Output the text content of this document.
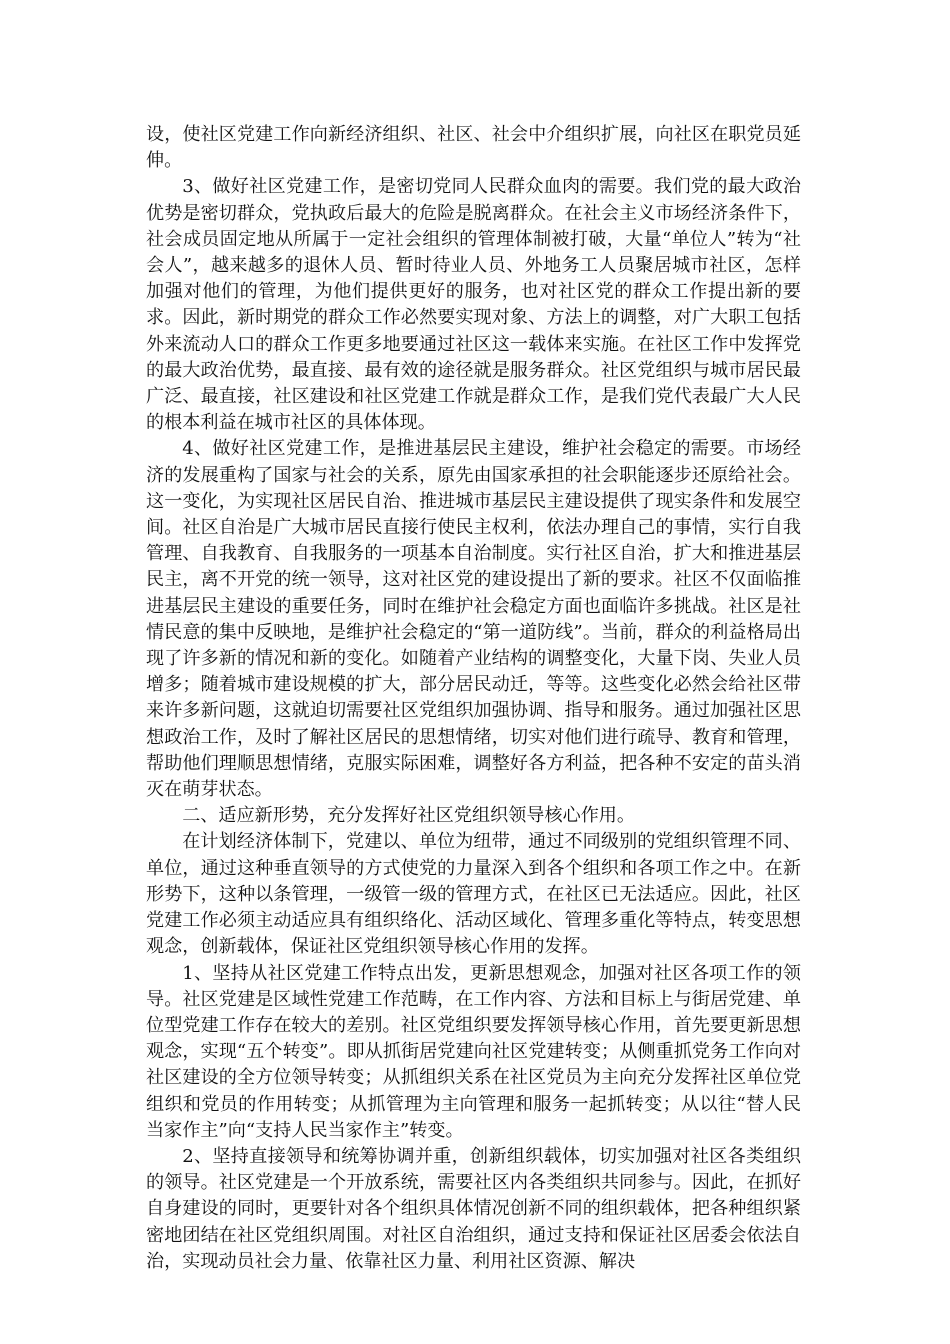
设，使社区党建工作向新经济组织、社区、社会中介组织扩展，向社区在职党员延伸。

3、做好社区党建工作，是密切党同人民群众血肉的需要。我们党的最大政治优势是密切群众，党执政后最大的危险是脱离群众。在社会主义市场经济条件下，社会成员固定地从所属于一定社会组织的管理体制被打破，大量“单位人”转为“社会人”，越来越多的退休人员、暂时待业人员、外地务工人员聚居城市社区，怎样加强对他们的管理，为他们提供更好的服务，也对社区党的群众工作提出新的要求。因此，新时期党的群众工作必然要实现对象、方法上的调整，对广大职工包括外来流动人口的群众工作更多地要通过社区这一载体来实施。在社区工作中发挥党的最大政治优势，最直接、最有效的途径就是服务群众。社区党组织与城市居民最广泛、最直接，社区建设和社区党建工作就是群众工作，是我们党代表最广大人民的根本利益在城市社区的具体体现。

4、做好社区党建工作，是推进基层民主建设，维护社会稳定的需要。市场经济的发展重构了国家与社会的关系，原先由国家承担的社会职能逐步还原给社会。这一变化，为实现社区居民自治、推进城市基层民主建设提供了现实条件和发展空间。社区自治是广大城市居民直接行使民主权利，依法办理自己的事情，实行自我管理、自我教育、自我服务的一项基本自治制度。实行社区自治，扩大和推进基层民主，离不开党的统一领导，这对社区党的建设提出了新的要求。社区不仅面临推进基层民主建设的重要任务，同时在维护社会稳定方面也面临许多挑战。社区是社情民意的集中反映地，是维护社会稳定的“第一道防线”。当前，群众的利益格局出现了许多新的情况和新的变化。如随着产业结构的调整变化，大量下岗、失业人员增多；随着城市建设规模的扩大，部分居民动迁，等等。这些变化必然会给社区带来许多新问题，这就迫切需要社区党组织加强协调、指导和服务。通过加强社区思想政治工作，及时了解社区居民的思想情绪，切实对他们进行疏导、教育和管理，帮助他们理顺思想情绪，克服实际困难，调整好各方利益，把各种不安定的苗头消灭在萌芽状态。

二、适应新形势，充分发挥好社区党组织领导核心作用。

在计划经济体制下，党建以、单位为纽带，通过不同级别的党组织管理不同、单位，通过这种垂直领导的方式使党的力量深入到各个组织和各项工作之中。在新形势下，这种以条管理，一级管一级的管理方式，在社区已无法适应。因此，社区党建工作必须主动适应具有组织络化、活动区域化、管理多重化等特点，转变思想观念，创新载体，保证社区党组织领导核心作用的发挥。

1、坚持从社区党建工作特点出发，更新思想观念，加强对社区各项工作的领导。社区党建是区域性党建工作范畴，在工作内容、方法和目标上与街居党建、单位型党建工作存在较大的差别。社区党组织要发挥领导核心作用，首先要更新思想观念，实现“五个转变”。即从抓街居党建向社区党建转变；从侧重抓党务工作向对社区建设的全方位领导转变；从抓组织关系在社区党员为主向充分发挥社区单位党组织和党员的作用转变；从抓管理为主向管理和服务一起抓转变；从以往“替人民当家作主”向“支持人民当家作主”转变。

2、坚持直接领导和统筹协调并重，创新组织载体，切实加强对社区各类组织的领导。社区党建是一个开放系统，需要社区内各类组织共同参与。因此，在抓好自身建设的同时，更要针对各个组织具体情况创新不同的组织载体，把各种组织紧密地团结在社区党组织周围。对社区自治组织，通过支持和保证社区居委会依法自治，实现动员社会力量、依靠社区力量、利用社区资源、解决
